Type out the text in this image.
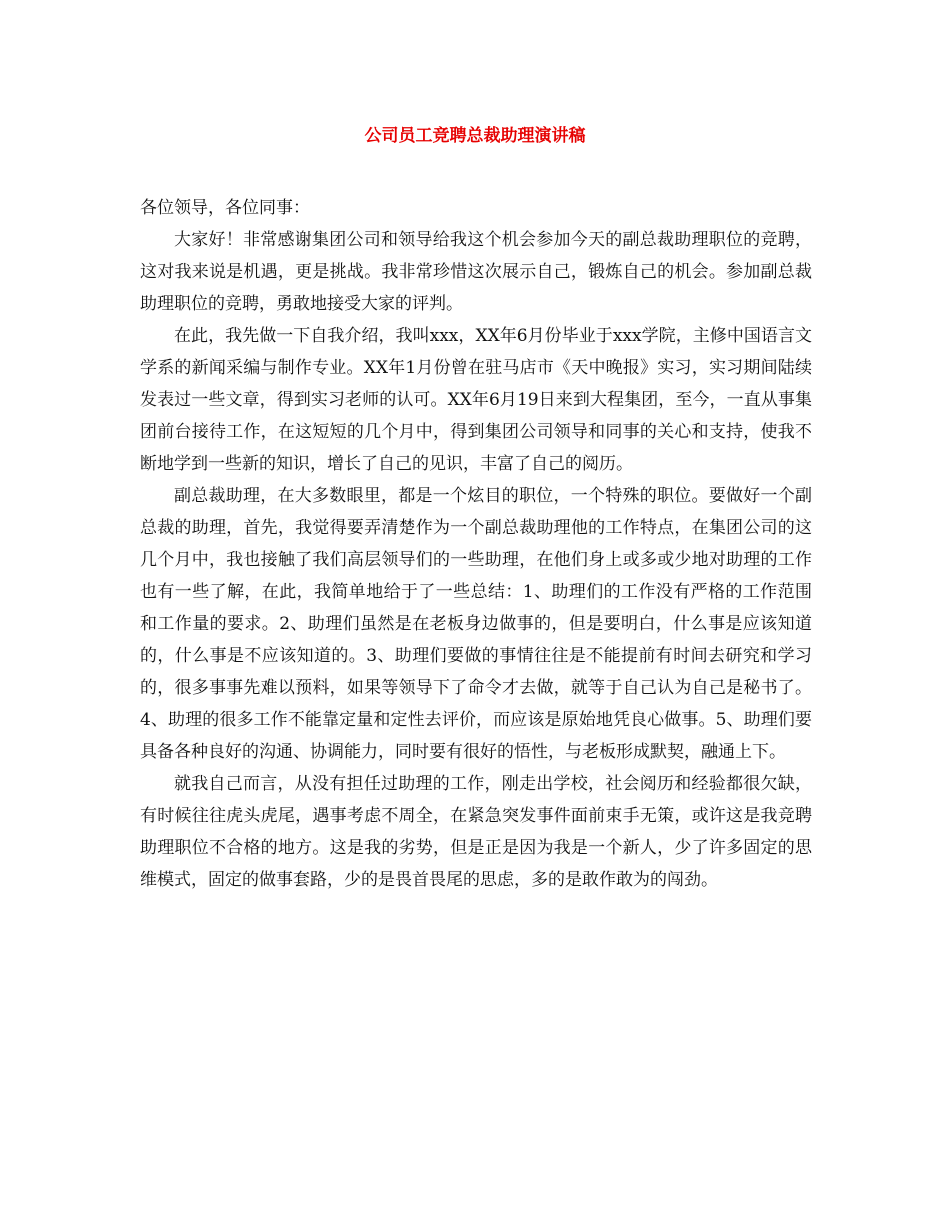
公司员工竞聘总裁助理演讲稿

各位领导，各位同事：

大家好！非常感谢集团公司和领导给我这个机会参加今天的副总裁助理职位的竞聘，这对我来说是机遇，更是挑战。我非常珍惜这次展示自己，锻炼自己的机会。参加副总裁助理职位的竞聘，勇敢地接受大家的评判。

在此，我先做一下自我介绍，我叫xxx，XX年6月份毕业于xxx学院，主修中国语言文学系的新闻采编与制作专业。XX年1月份曾在驻马店市《天中晚报》实习，实习期间陆续发表过一些文章，得到实习老师的认可。XX年6月19日来到大程集团，至今，一直从事集团前台接待工作，在这短短的几个月中，得到集团公司领导和同事的关心和支持，使我不断地学到一些新的知识，增长了自己的见识，丰富了自己的阅历。

副总裁助理，在大多数眼里，都是一个炫目的职位，一个特殊的职位。要做好一个副总裁的助理，首先，我觉得要弄清楚作为一个副总裁助理他的工作特点，在集团公司的这几个月中，我也接触了我们高层领导们的一些助理，在他们身上或多或少地对助理的工作也有一些了解，在此，我简单地给于了一些总结：1、助理们的工作没有严格的工作范围和工作量的要求。2、助理们虽然是在老板身边做事的，但是要明白，什么事是应该知道的，什么事是不应该知道的。3、助理们要做的事情往往是不能提前有时间去研究和学习的，很多事事先难以预料，如果等领导下了命令才去做，就等于自己认为自己是秘书了。4、助理的很多工作不能靠定量和定性去评价，而应该是原始地凭良心做事。5、助理们要具备各种良好的沟通、协调能力，同时要有很好的悟性，与老板形成默契，融通上下。

就我自己而言，从没有担任过助理的工作，刚走出学校，社会阅历和经验都很欠缺，有时候往往虎头虎尾，遇事考虑不周全，在紧急突发事件面前束手无策，或许这是我竞聘助理职位不合格的地方。这是我的劣势，但是正是因为我是一个新人，少了许多固定的思维模式，固定的做事套路，少的是畏首畏尾的思虑，多的是敢作敢为的闯劲。
